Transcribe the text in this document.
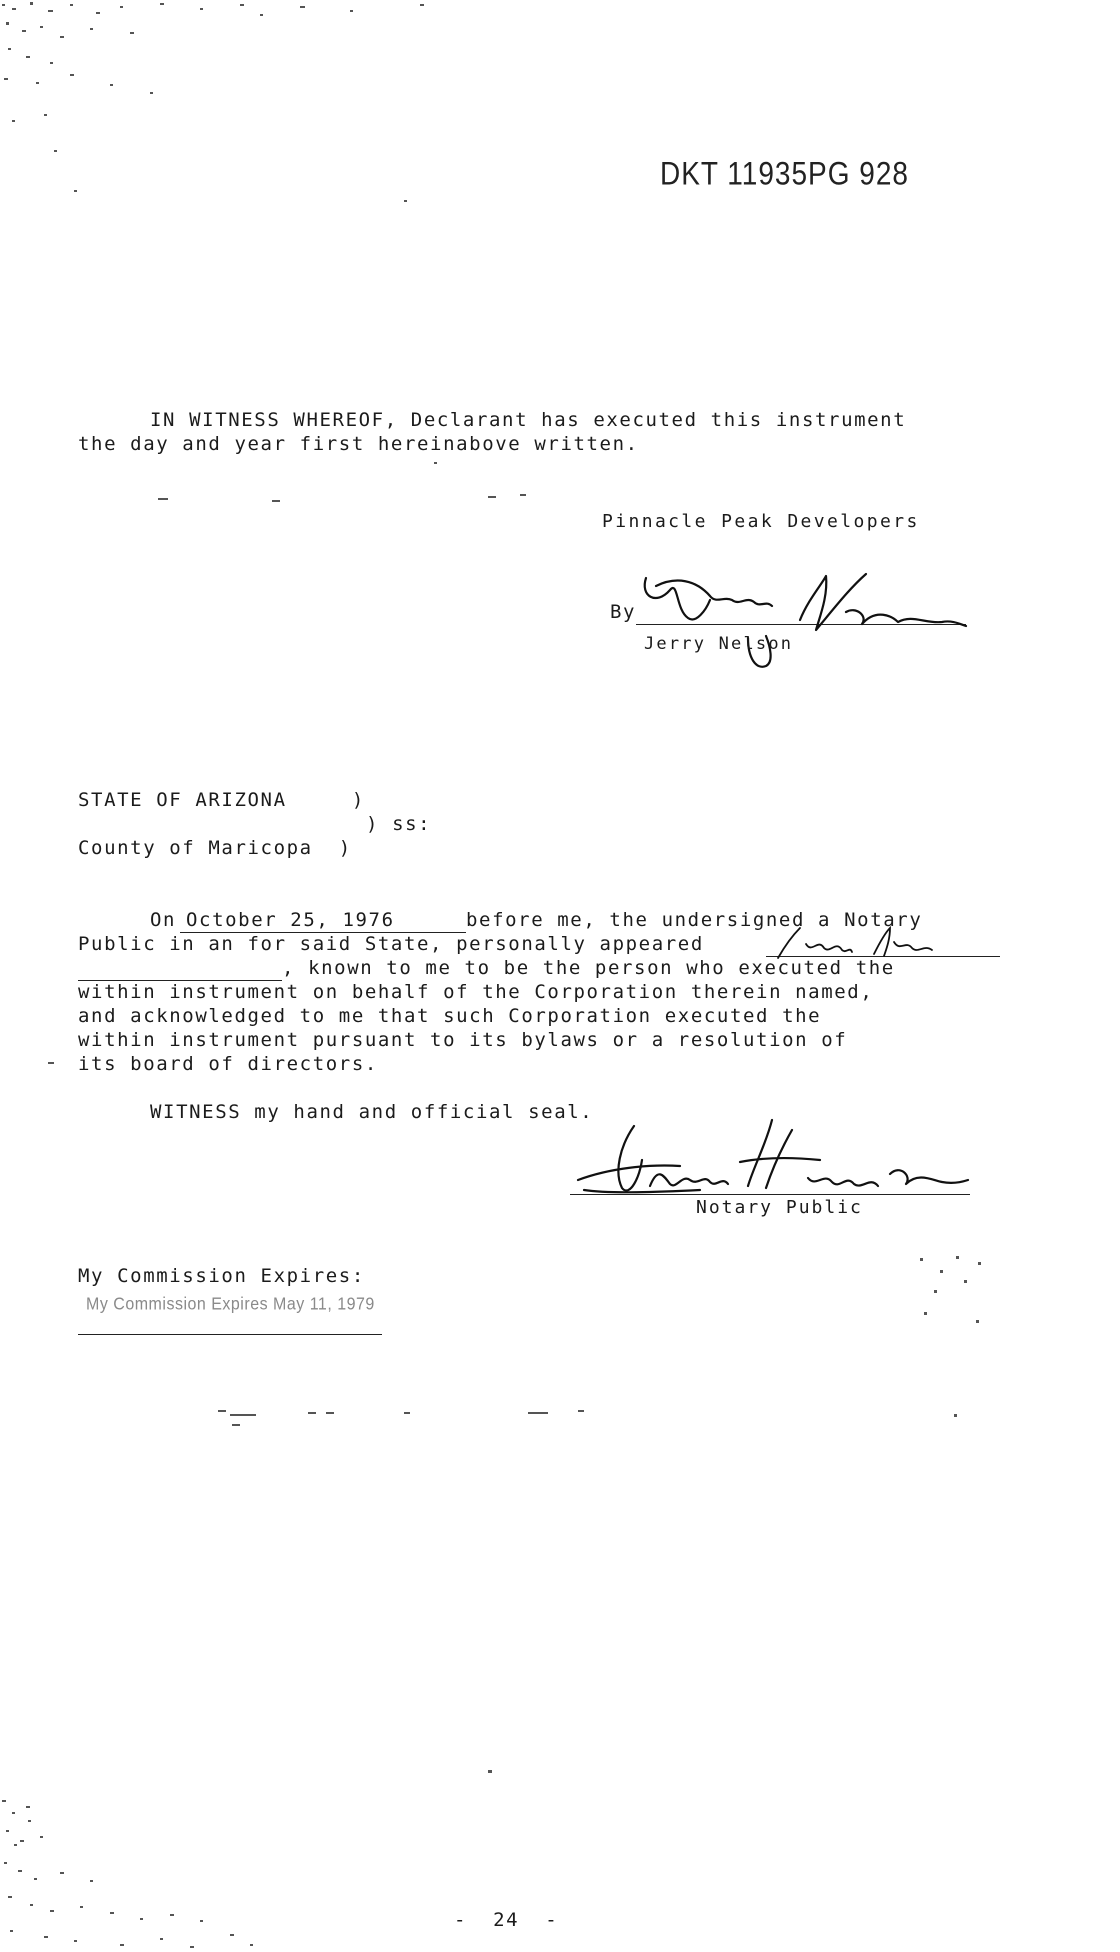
DKT 11935PG 928
IN WITNESS WHEREOF, Declarant has executed this instrument
the day and year first hereinabove written.
Pinnacle Peak Developers
By
Jerry Nelson
STATE OF ARIZONA     )
) ss:
County of Maricopa  )
On October 25, 1976	before me, the undersigned a Notary
Public in an for said State, personally appeared
, known to me to be the person who executed the
within instrument on behalf of the Corporation therein named,
and acknowledged to me that such Corporation executed the
within instrument pursuant to its bylaws or a resolution of
its board of directors.
WITNESS my hand and official seal.
Notary Public
My Commission Expires:
My Commission Expires May 11, 1979
-  24  -
